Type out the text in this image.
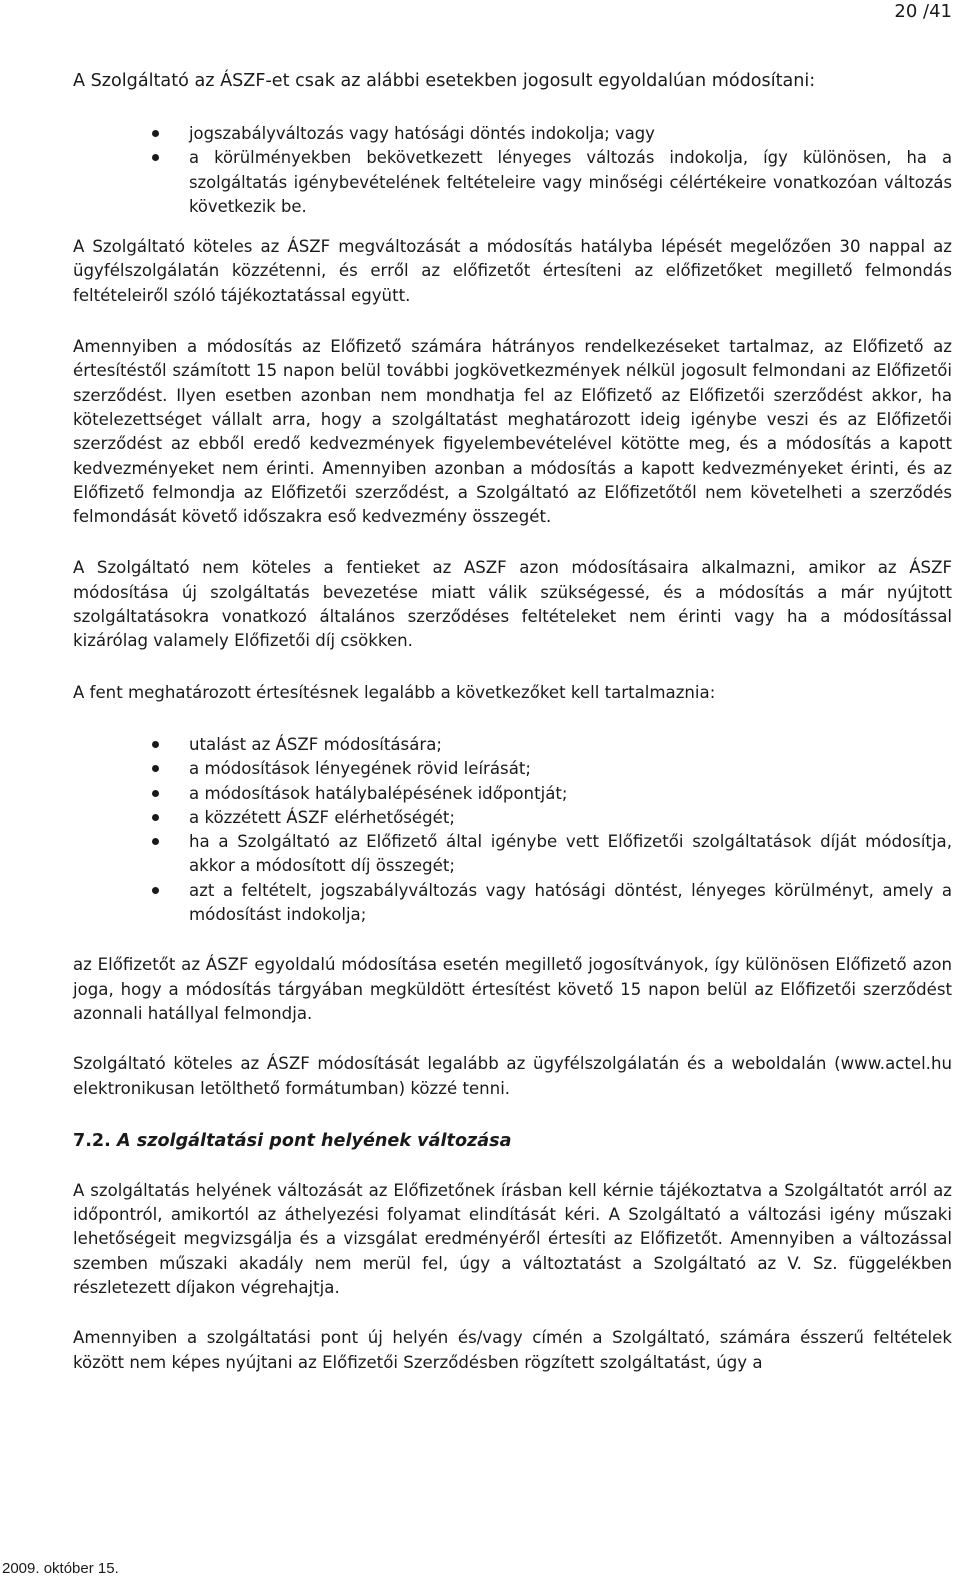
20 /41

A Szolgáltató az ÁSZF-et csak az alábbi esetekben jogosult egyoldalúan módosítani:

jogszabályváltozás vagy hatósági döntés indokolja; vagy
a körülményekben bekövetkezett lényeges változás indokolja, így különösen, ha a szolgáltatás igénybevételének feltételeire vagy minőségi célértékeire vonatkozóan változás következik be.

A Szolgáltató köteles az ÁSZF megváltozását a módosítás hatályba lépését megelőzően 30 nappal az ügyfélszolgálatán közzétenni, és erről az előfizetőt értesíteni az előfizetőket megillető felmondás feltételeiről szóló tájékoztatással együtt.

Amennyiben a módosítás az Előfizető számára hátrányos rendelkezéseket tartalmaz, az Előfizető az értesítéstől számított 15 napon belül további jogkövetkezmények nélkül jogosult felmondani az Előfizetői szerződést. Ilyen esetben azonban nem mondhatja fel az Előfizető az Előfizetői szerződést akkor, ha kötelezettséget vállalt arra, hogy a szolgáltatást meghatározott ideig igénybe veszi és az Előfizetői szerződést az ebből eredő kedvezmények figyelembevételével kötötte meg, és a módosítás a kapott kedvezményeket nem érinti. Amennyiben azonban a módosítás a kapott kedvezményeket érinti, és az Előfizető felmondja az Előfizetői szerződést, a Szolgáltató az Előfizetőtől nem követelheti a szerződés felmondását követő időszakra eső kedvezmény összegét.

A Szolgáltató nem köteles a fentieket az ASZF azon módosításaira alkalmazni, amikor az ÁSZF módosítása új szolgáltatás bevezetése miatt válik szükségessé, és a módosítás a már nyújtott szolgáltatásokra vonatkozó általános szerződéses feltételeket nem érinti vagy ha a módosítással kizárólag valamely Előfizetői díj csökken.

A fent meghatározott értesítésnek legalább a következőket kell tartalmaznia:

utalást az ÁSZF módosítására;
a módosítások lényegének rövid leírását;
a módosítások hatálybalépésének időpontját;
a közzétett ÁSZF elérhetőségét;
ha a Szolgáltató az Előfizető által igénybe vett Előfizetői szolgáltatások díját módosítja, akkor a módosított díj összegét;
azt a feltételt, jogszabályváltozás vagy hatósági döntést, lényeges körülményt, amely a módosítást indokolja;

az Előfizetőt az ÁSZF egyoldalú módosítása esetén megillető jogosítványok, így különösen Előfizető azon joga, hogy a módosítás tárgyában megküldött értesítést követő 15 napon belül az Előfizetői szerződést azonnali hatállyal felmondja.

Szolgáltató köteles az ÁSZF módosítását legalább az ügyfélszolgálatán és a weboldalán (www.actel.hu elektronikusan letölthető formátumban) közzé tenni.

7.2. A szolgáltatási pont helyének változása

A szolgáltatás helyének változását az Előfizetőnek írásban kell kérnie tájékoztatva a Szolgáltatót arról az időpontról, amikortól az áthelyezési folyamat elindítását kéri. A Szolgáltató a változási igény műszaki lehetőségeit megvizsgálja és a vizsgálat eredményéről értesíti az Előfizetőt. Amennyiben a változással szemben műszaki akadály nem merül fel, úgy a változtatást a Szolgáltató az V. Sz. függelékben részletezett díjakon végrehajtja.

Amennyiben a szolgáltatási pont új helyén és/vagy címén a Szolgáltató, számára ésszerű feltételek között nem képes nyújtani az Előfizetői Szerződésben rögzített szolgáltatást, úgy a

2009. október 15.
